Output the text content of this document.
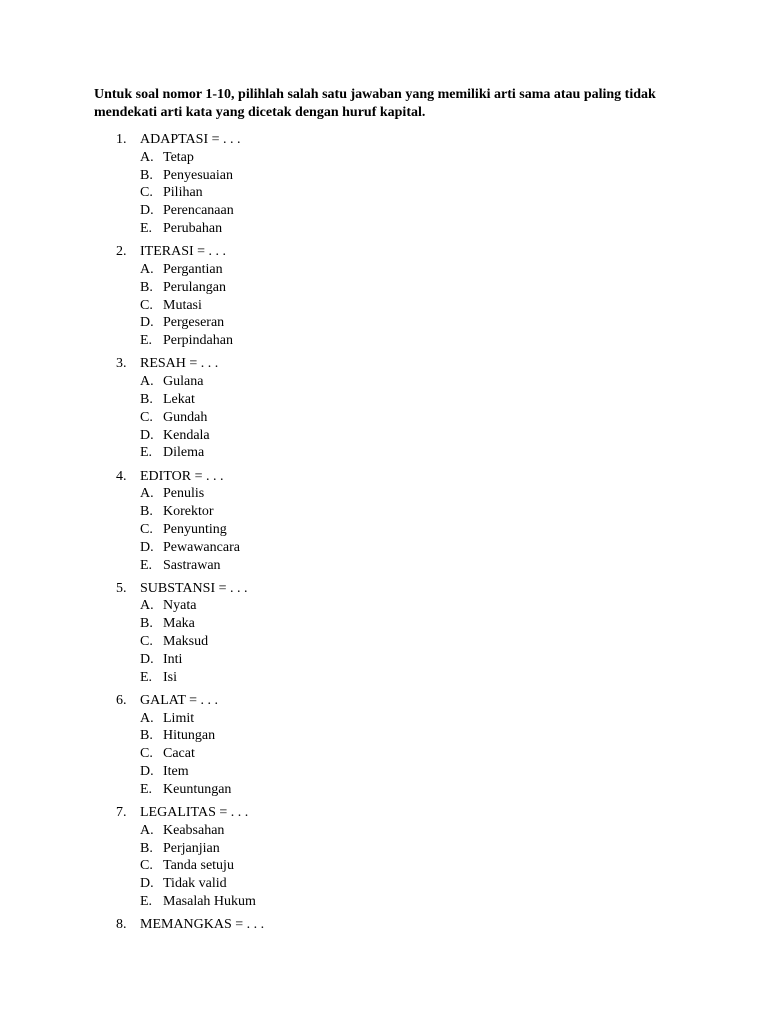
Untuk soal nomor 1-10, pilihlah salah satu jawaban yang memiliki arti sama atau paling tidak mendekati arti kata yang dicetak dengan huruf kapital.

1. ADAPTASI = . . .
A. Tetap
B. Penyesuaian
C. Pilihan
D. Perencanaan
E. Perubahan
2. ITERASI = . . .
A. Pergantian
B. Perulangan
C. Mutasi
D. Pergeseran
E. Perpindahan
3. RESAH = . . .
A. Gulana
B. Lekat
C. Gundah
D. Kendala
E. Dilema
4. EDITOR = . . .
A. Penulis
B. Korektor
C. Penyunting
D. Pewawancara
E. Sastrawan
5. SUBSTANSI = . . .
A. Nyata
B. Maka
C. Maksud
D. Inti
E. Isi
6. GALAT = . . .
A. Limit
B. Hitungan
C. Cacat
D. Item
E. Keuntungan
7. LEGALITAS = . . .
A. Keabsahan
B. Perjanjian
C. Tanda setuju
D. Tidak valid
E. Masalah Hukum
8. MEMANGKAS = . . .
